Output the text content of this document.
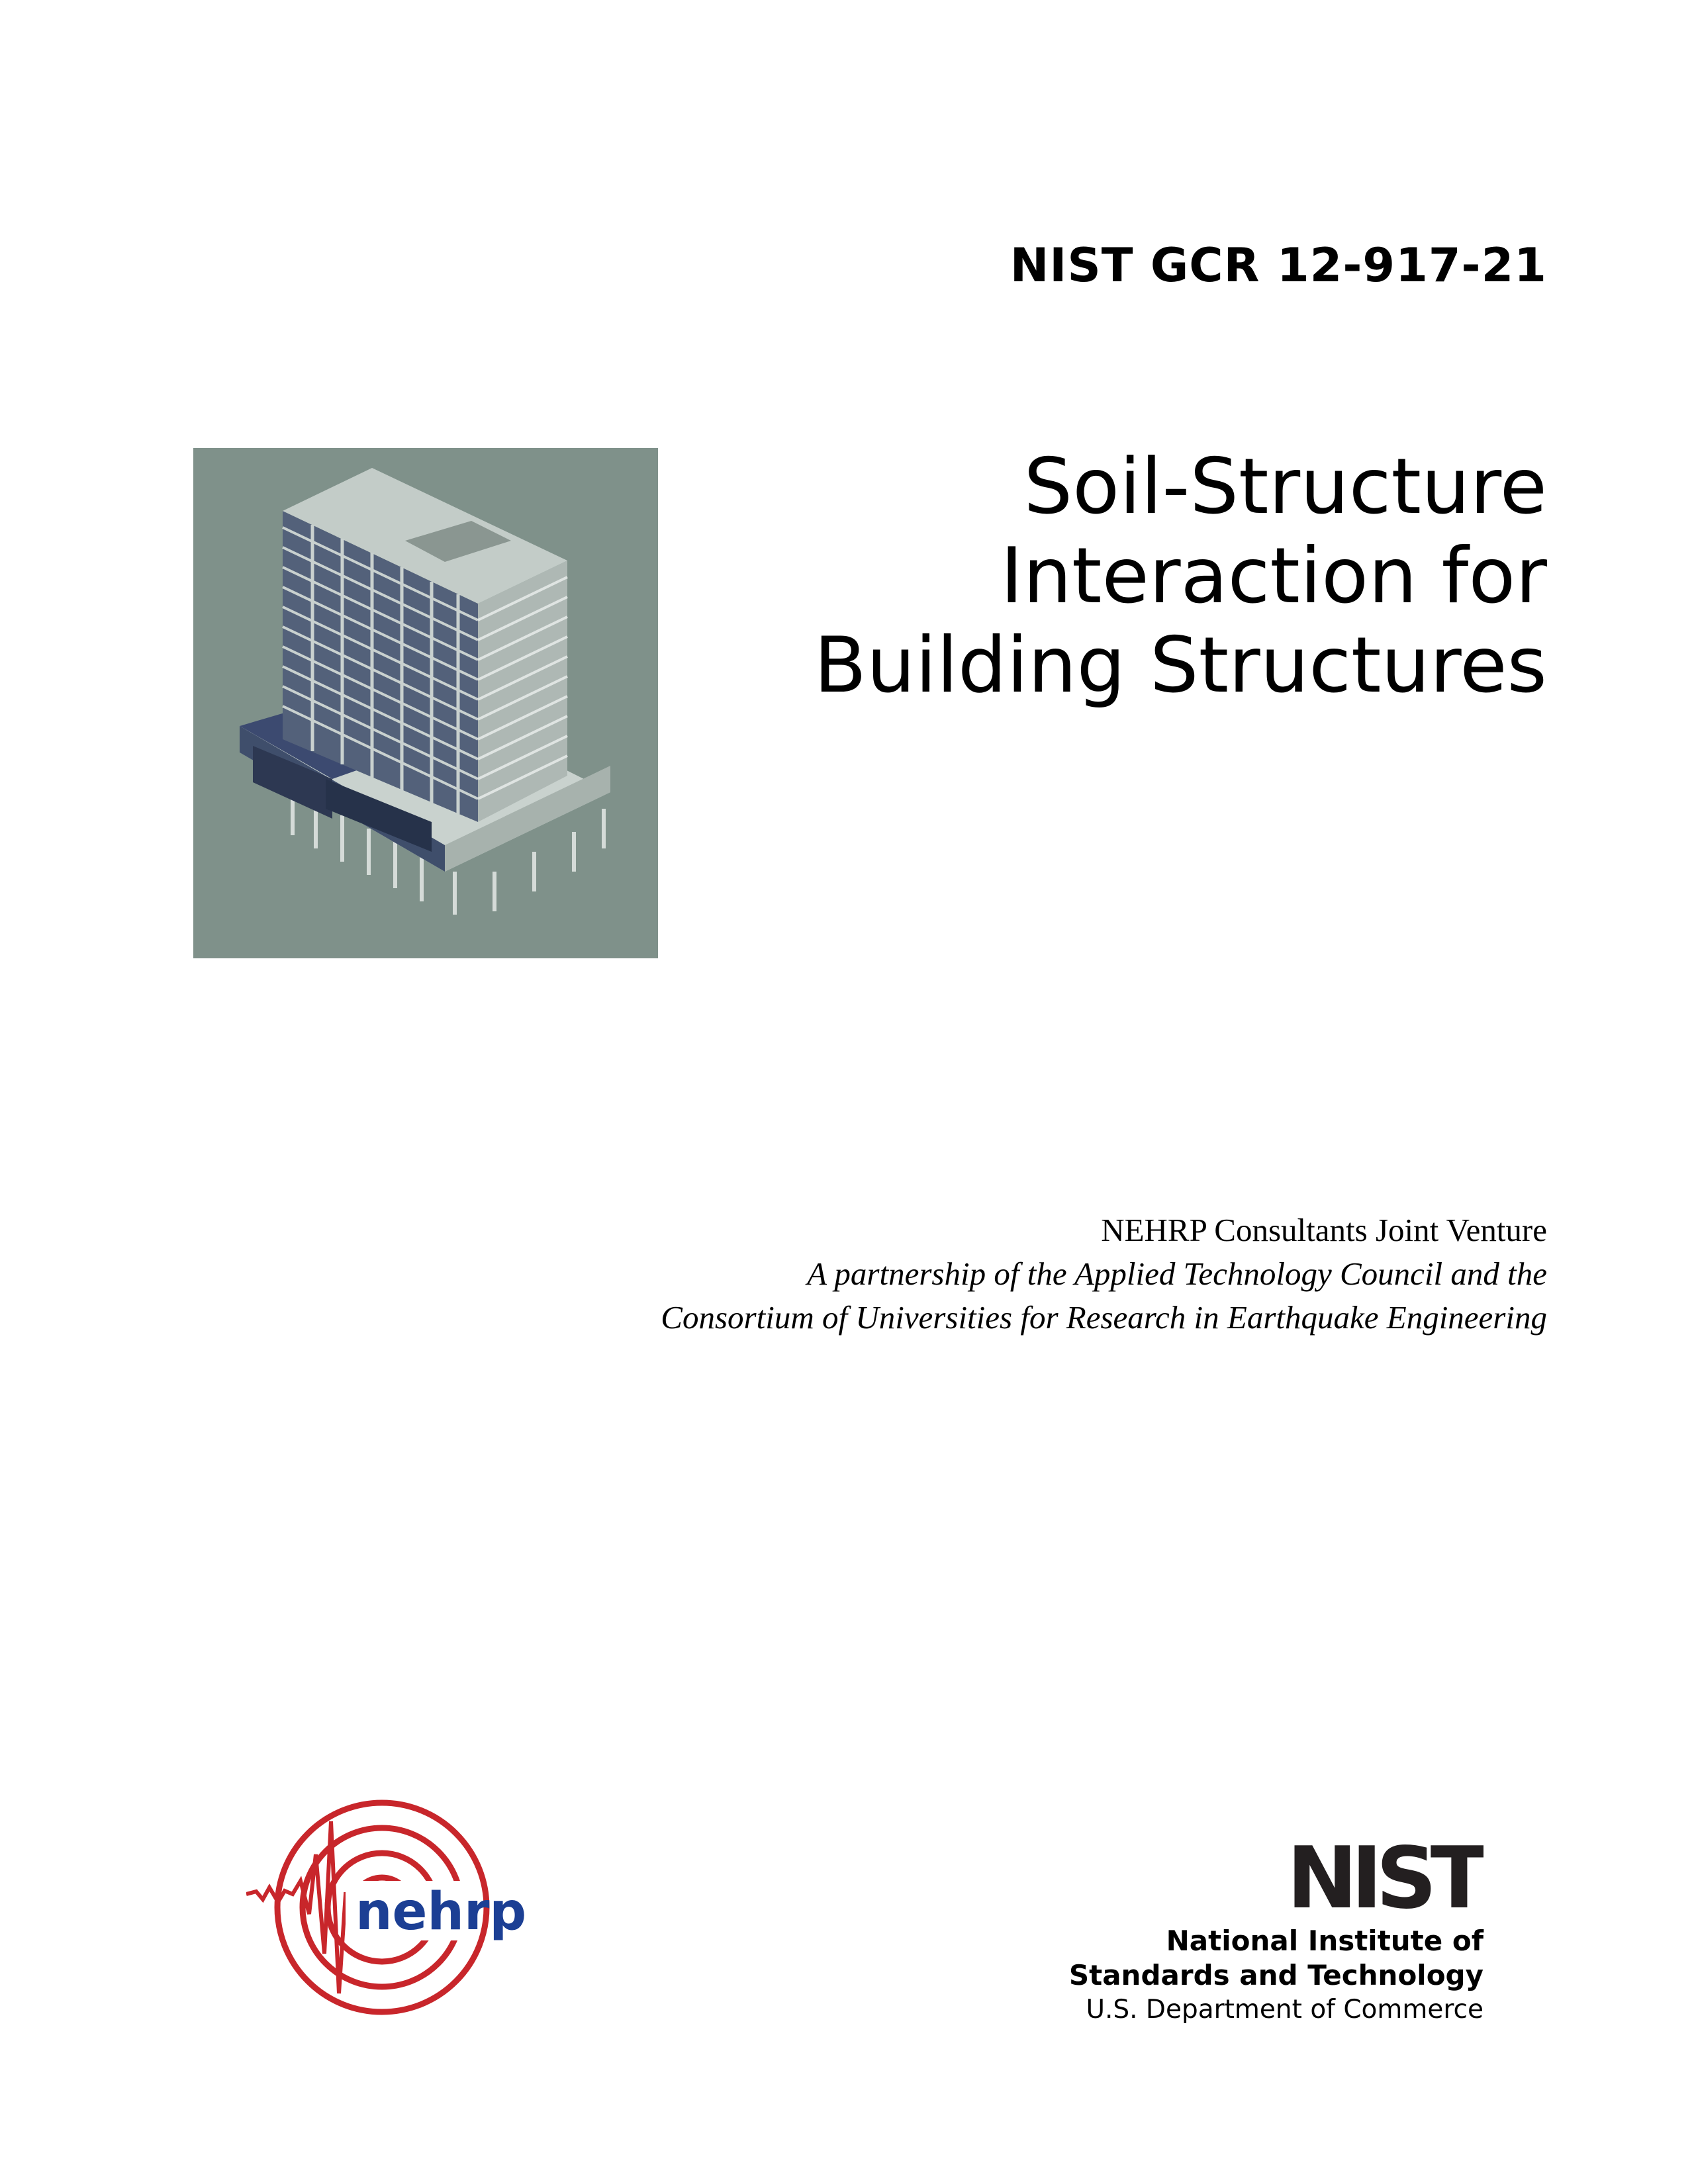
NIST GCR 12-917-21
Soil-Structure
Interaction for
Building Structures
NEHRP Consultants Joint Venture
A partnership of the Applied Technology Council and the
Consortium of Universities for Research in Earthquake Engineering
nehrp	NIST
National Institute of
Standards and Technology
U.S. Department of Commerce
